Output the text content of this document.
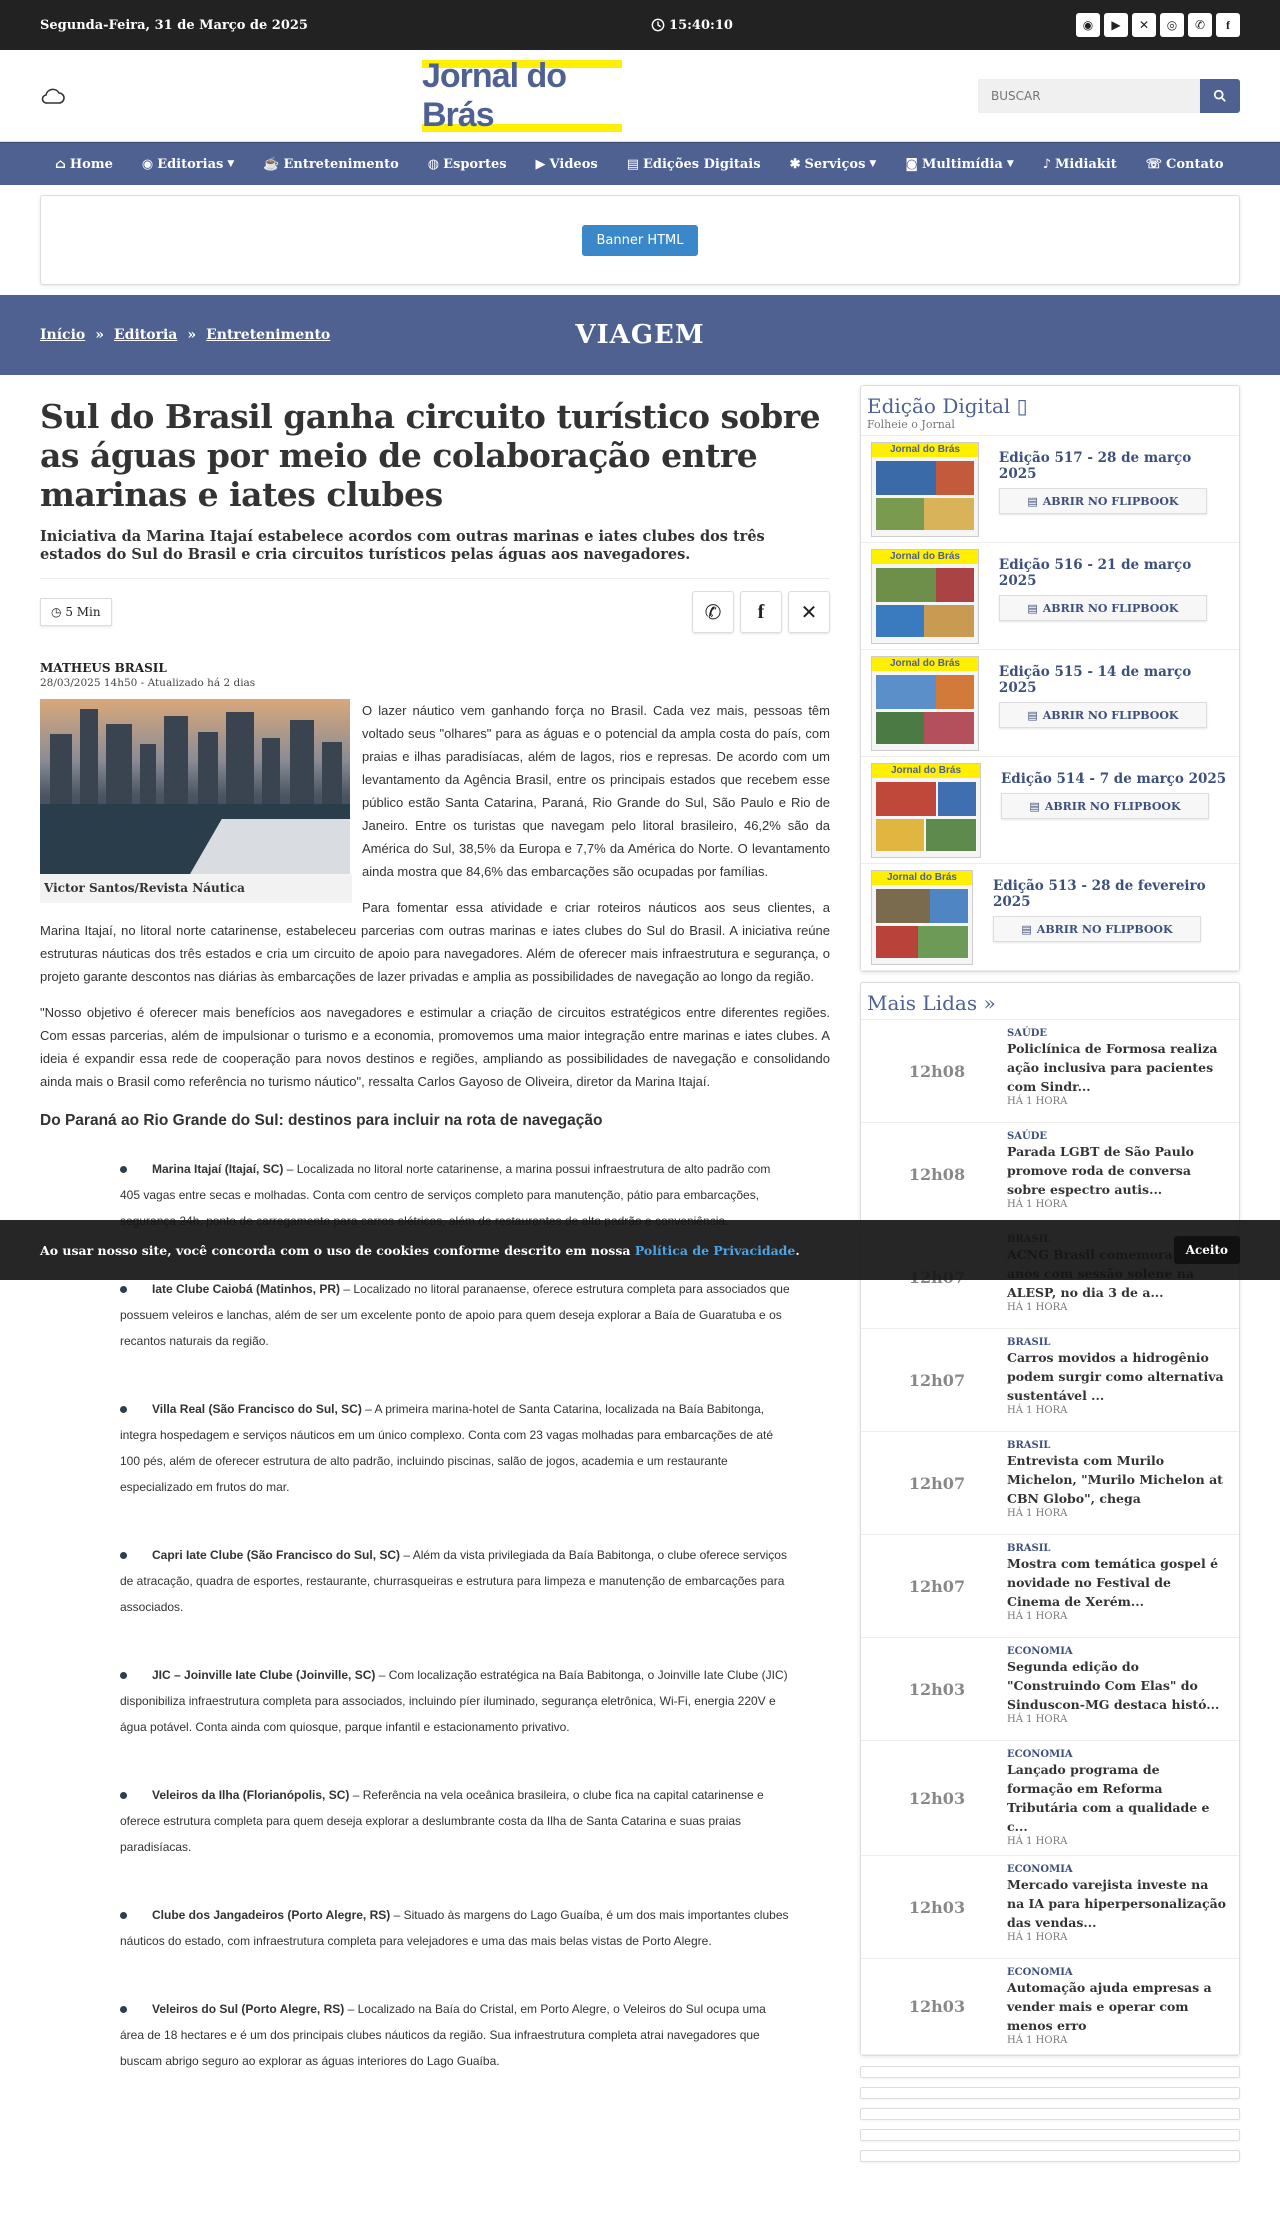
Segunda-Feira, 31 de Março de 2025	15:40:10	◉	▶	✕	◎	✆	f
Jornal do Brás
BUSCAR
⌂ Home ◉ Editorias ▼ ☕ Entretenimento ◍ Esportes ▶ Videos ▤ Edições Digitais ✱ Serviços ▼ ◙ Multimídia ▼ ♪ Midiakit ☏ Contato
Banner HTML
Início » Editoria » Entretenimento	VIAGEM
Sul do Brasil ganha circuito turístico sobre as águas por meio de colaboração entre marinas e iates clubes
Iniciativa da Marina Itajaí estabelece acordos com outras marinas e iates clubes dos três estados do Sul do Brasil e cria circuitos turísticos pelas águas aos navegadores.
◷ 5 Min	✆	f	✕
MATHEUS BRASIL
28/03/2025 14h50 - Atualizado há 2 dias
Victor Santos/Revista Náutica

O lazer náutico vem ganhando força no Brasil. Cada vez mais, pessoas têm voltado seus "olhares" para as águas e o potencial da ampla costa do país, com praias e ilhas paradisíacas, além de lagos, rios e represas. De acordo com um levantamento da Agência Brasil, entre os principais estados que recebem esse público estão Santa Catarina, Paraná, Rio Grande do Sul, São Paulo e Rio de Janeiro. Entre os turistas que navegam pelo litoral brasileiro, 46,2% são da América do Sul, 38,5% da Europa e 7,7% da América do Norte. O levantamento ainda mostra que 84,6% das embarcações são ocupadas por famílias.

Para fomentar essa atividade e criar roteiros náuticos aos seus clientes, a Marina Itajaí, no litoral norte catarinense, estabeleceu parcerias com outras marinas e iates clubes do Sul do Brasil. A iniciativa reúne estruturas náuticas dos três estados e cria um circuito de apoio para navegadores. Além de oferecer mais infraestrutura e segurança, o projeto garante descontos nas diárias às embarcações de lazer privadas e amplia as possibilidades de navegação ao longo da região.

"Nosso objetivo é oferecer mais benefícios aos navegadores e estimular a criação de circuitos estratégicos entre diferentes regiões. Com essas parcerias, além de impulsionar o turismo e a economia, promovemos uma maior integração entre marinas e iates clubes. A ideia é expandir essa rede de cooperação para novos destinos e regiões, ampliando as possibilidades de navegação e consolidando ainda mais o Brasil como referência no turismo náutico", ressalta Carlos Gayoso de Oliveira, diretor da Marina Itajaí.

Do Paraná ao Rio Grande do Sul: destinos para incluir na rota de navegação
Marina Itajaí (Itajaí, SC) – Localizada no litoral norte catarinense, a marina possui infraestrutura de alto padrão com 405 vagas entre secas e molhadas. Conta com centro de serviços completo para manutenção, pátio para embarcações,
Iate Clube Caiobá (Matinhos, PR) – Localizado no litoral paranaense, oferece estrutura completa para associados que possuem veleiros e lanchas, além de ser um excelente ponto de apoio para quem deseja explorar a Baía de Guaratuba e os recantos naturais da região.
Villa Real (São Francisco do Sul, SC) – A primeira marina-hotel de Santa Catarina, localizada na Baía Babitonga, integra hospedagem e serviços náuticos em um único complexo. Conta com 23 vagas molhadas para embarcações de até 100 pés, além de oferecer estrutura de alto padrão, incluindo piscinas, salão de jogos, academia e um restaurante especializado em frutos do mar.
Capri Iate Clube (São Francisco do Sul, SC) – Além da vista privilegiada da Baía Babitonga, o clube oferece serviços de atracação, quadra de esportes, restaurante, churrasqueiras e estrutura para limpeza e manutenção de embarcações para associados.
JIC – Joinville Iate Clube (Joinville, SC) – Com localização estratégica na Baía Babitonga, o Joinville Iate Clube (JIC) disponibiliza infraestrutura completa para associados, incluindo píer iluminado, segurança eletrônica, Wi-Fi, energia 220V e água potável. Conta ainda com quiosque, parque infantil e estacionamento privativo.
Veleiros da Ilha (Florianópolis, SC) – Referência na vela oceânica brasileira, o clube fica na capital catarinense e oferece estrutura completa para quem deseja explorar a deslumbrante costa da Ilha de Santa Catarina e suas praias paradisíacas.
Clube dos Jangadeiros (Porto Alegre, RS) – Situado às margens do Lago Guaíba, é um dos mais importantes clubes náuticos do estado, com infraestrutura completa para velejadores e uma das mais belas vistas de Porto Alegre.
Veleiros do Sul (Porto Alegre, RS) – Localizado na Baía do Cristal, em Porto Alegre, o Veleiros do Sul ocupa uma área de 18 hectares e é um dos principais clubes náuticos da região. Sua infraestrutura completa atrai navegadores que buscam abrigo seguro ao explorar as águas interiores do Lago Guaíba.
Edição Digital ▯
Folheie o Jornal
Jornal do Brás
Edição 517 - 28 de março 2025
▤ ABRIR NO FLIPBOOK
Jornal do Brás
Edição 516 - 21 de março 2025
▤ ABRIR NO FLIPBOOK
Jornal do Brás
Edição 515 - 14 de março 2025
▤ ABRIR NO FLIPBOOK
Jornal do Brás
Edição 514 - 7 de março 2025
▤ ABRIR NO FLIPBOOK
Jornal do Brás
Edição 513 - 28 de fevereiro 2025
▤ ABRIR NO FLIPBOOK
Mais Lidas »
12h08
SAÚDE
Policlínica de Formosa realiza ação inclusiva para pacientes com Sindr...
HÁ 1 HORA
12h08
SAÚDE
Parada LGBT de São Paulo promove roda de conversa sobre espectro autis...
HÁ 1 HORA
ALESP, no dia 3 de a...
HÁ 1 HORA
12h07
BRASIL
Carros movidos a hidrogênio podem surgir como alternativa sustentável ...
HÁ 1 HORA
12h07
BRASIL
Entrevista com Murilo Michelon, "Murilo Michelon at CBN Globo", chega
HÁ 1 HORA
12h07
BRASIL
Mostra com temática gospel é novidade no Festival de Cinema de Xerém...
HÁ 1 HORA
12h03
ECONOMIA
Segunda edição do "Construindo Com Elas" do Sinduscon-MG destaca histó...
HÁ 1 HORA
12h03
ECONOMIA
Lançado programa de formação em Reforma Tributária com a qualidade e c...
HÁ 1 HORA
12h03
ECONOMIA
Mercado varejista investe na na IA para hiperpersonalização das vendas...
HÁ 1 HORA
12h03
ECONOMIA
Automação ajuda empresas a vender mais e operar com menos erro
HÁ 1 HORA
Ao usar nosso site, você concorda com o uso de cookies conforme descrito em nossa Política de Privacidade.	Aceito
